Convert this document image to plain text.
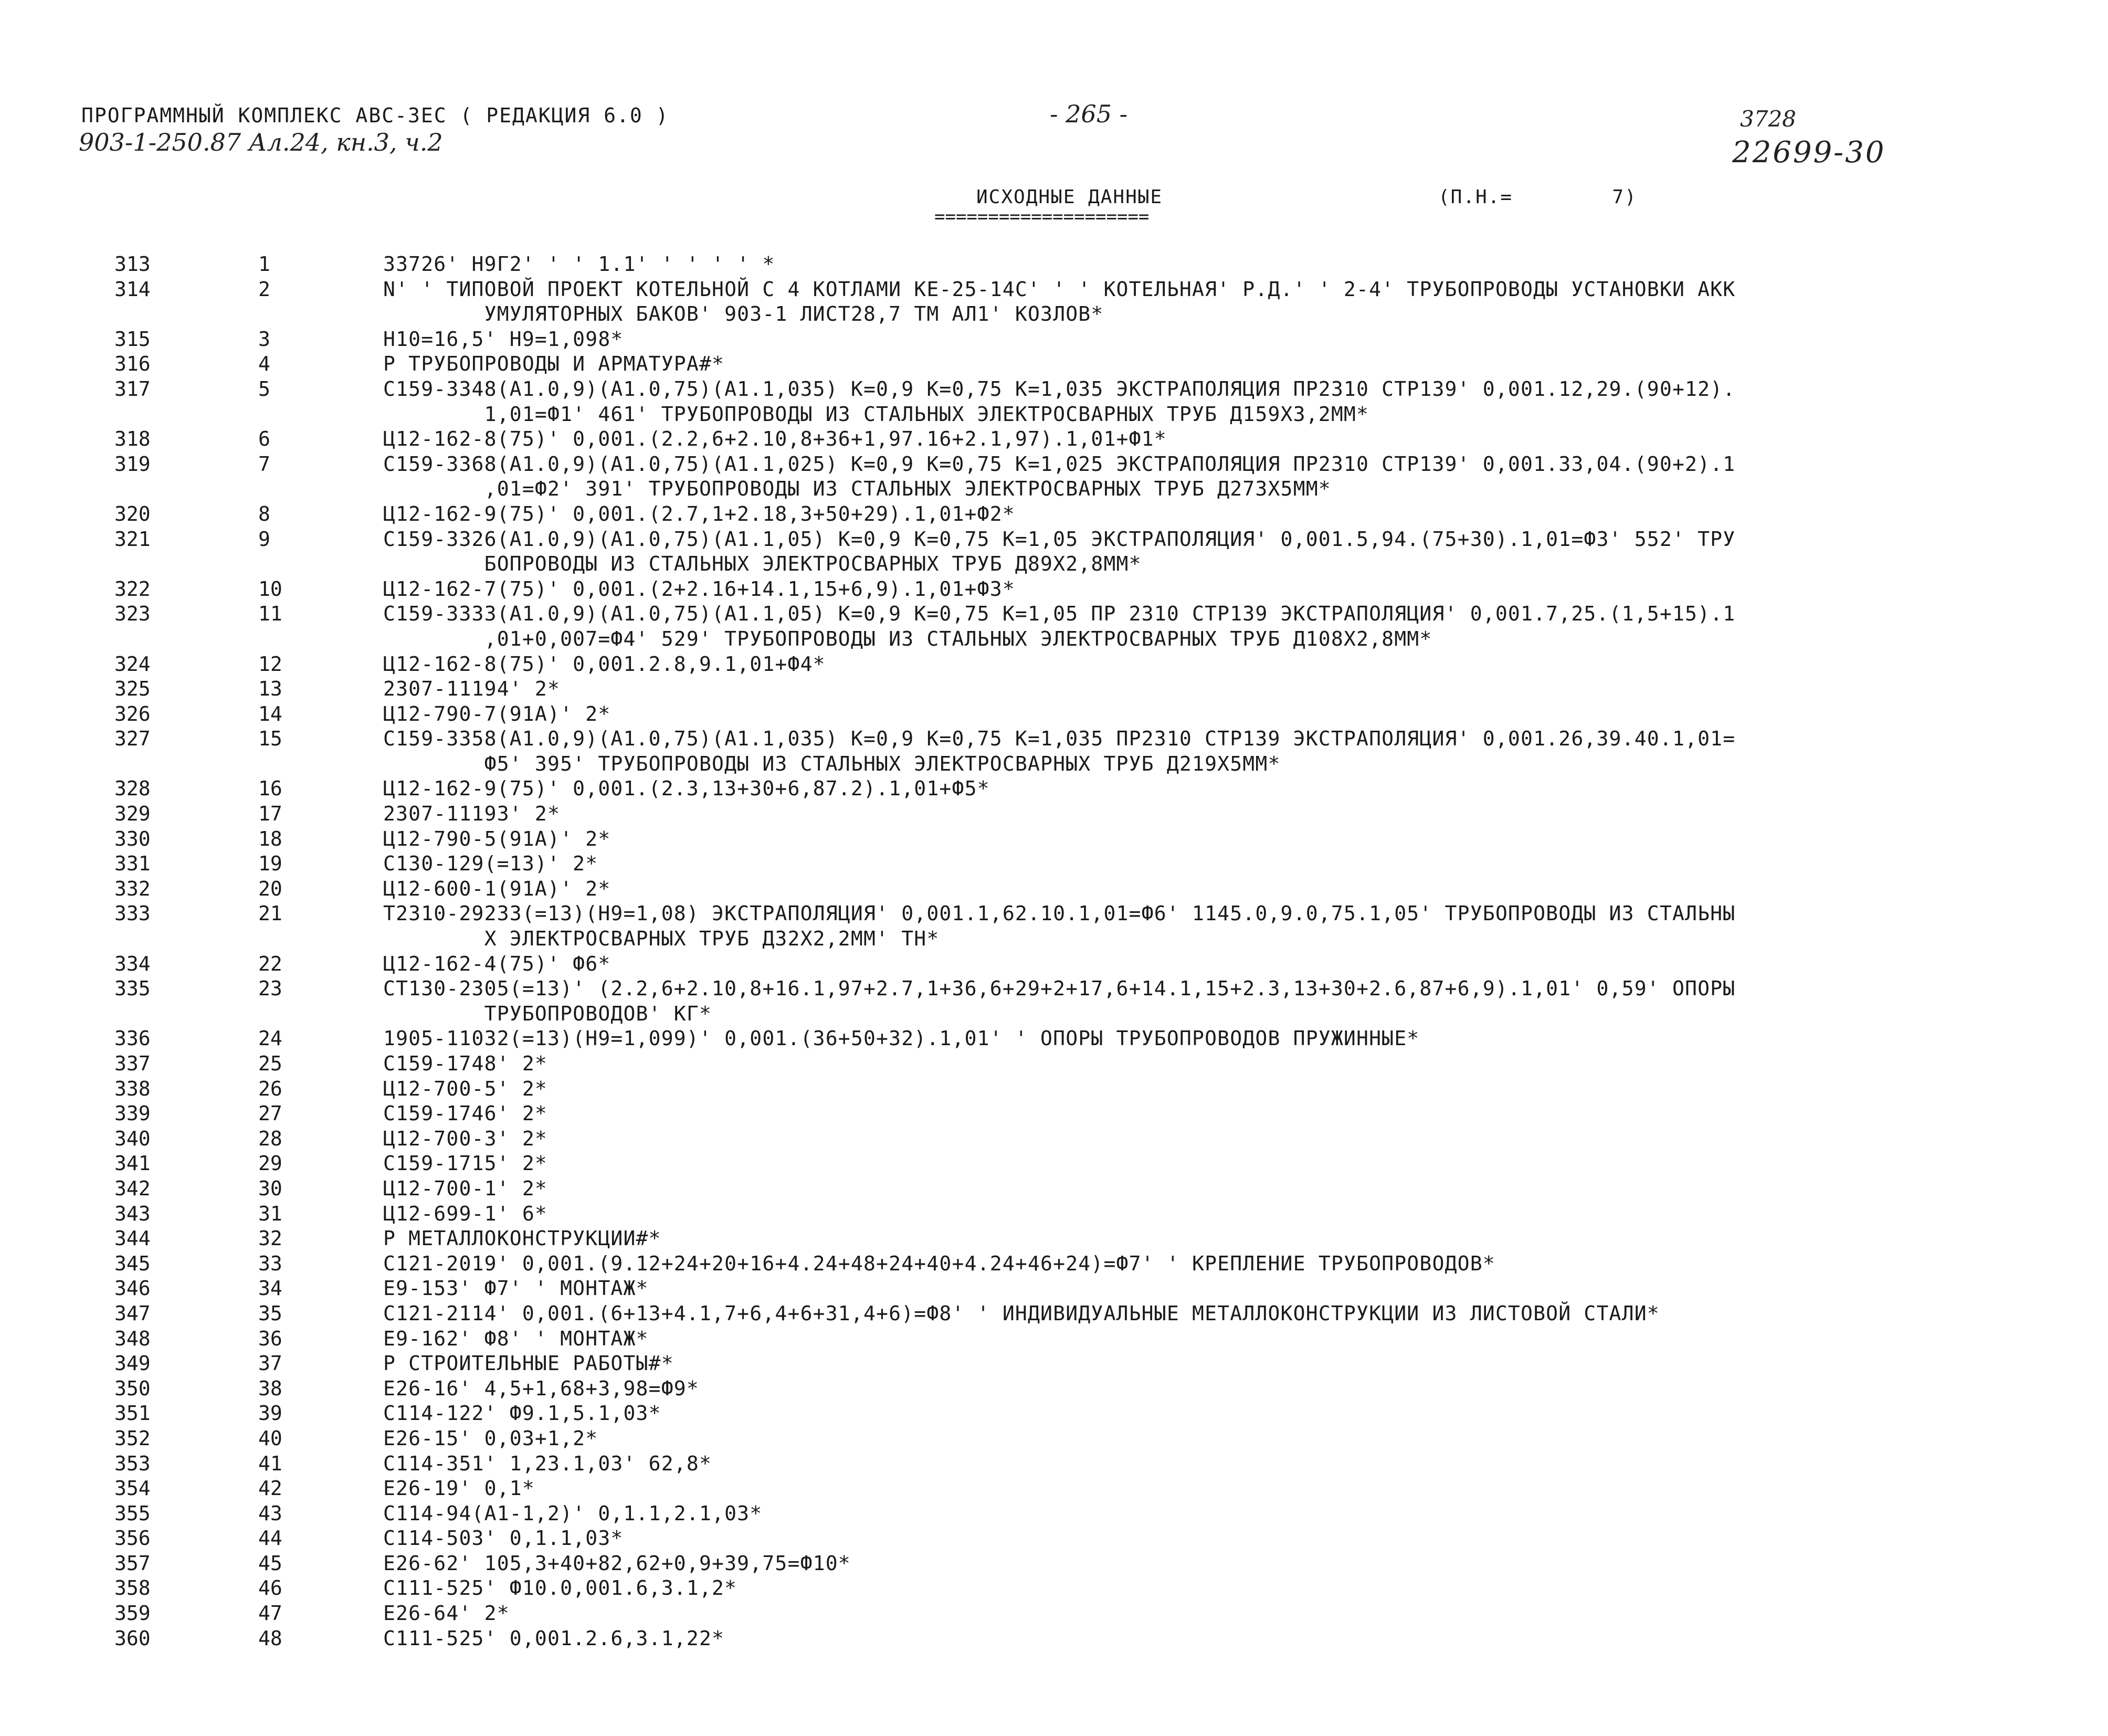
ПРОГРАММНЫЙ КОМПЛЕКС АВС-3ЕС ( РЕДАКЦИЯ 6.0 )
903-1-250.87 Ал.24, кн.3, ч.2
- 265 -	3728
22699-30
ИСХОДНЫЕ ДАННЫЕ
====================
(П.Н.=        7)
313	1	33726' Н9Г2' ' ' 1.1' ' ' ' ' *
314	2	N' ' ТИПОВОЙ ПРОЕКТ КОТЕЛЬНОЙ С 4 КОТЛАМИ КЕ-25-14С' ' ' КОТЕЛЬНАЯ' Р.Д.' ' 2-4' ТРУБОПРОВОДЫ УСТАНОВКИ АКК
УМУЛЯТОРНЫХ БАКОВ' 903-1 ЛИСТ28,7 ТМ АЛ1' КОЗЛОВ*
315	3	Н10=16,5' Н9=1,098*
316	4	Р ТРУБОПРОВОДЫ И АРМАТУРА#*
317	5	С159-3348(А1.0,9)(А1.0,75)(А1.1,035) К=0,9 К=0,75 К=1,035 ЭКСТРАПОЛЯЦИЯ ПР2310 СТР139' 0,001.12,29.(90+12).
1,01=Ф1' 461' ТРУБОПРОВОДЫ ИЗ СТАЛЬНЫХ ЭЛЕКТРОСВАРНЫХ ТРУБ Д159Х3,2ММ*
318	6	Ц12-162-8(75)' 0,001.(2.2,6+2.10,8+36+1,97.16+2.1,97).1,01+Ф1*
319	7	С159-3368(А1.0,9)(А1.0,75)(А1.1,025) К=0,9 К=0,75 К=1,025 ЭКСТРАПОЛЯЦИЯ ПР2310 СТР139' 0,001.33,04.(90+2).1
,01=Ф2' 391' ТРУБОПРОВОДЫ ИЗ СТАЛЬНЫХ ЭЛЕКТРОСВАРНЫХ ТРУБ Д273Х5ММ*
320	8	Ц12-162-9(75)' 0,001.(2.7,1+2.18,3+50+29).1,01+Ф2*
321	9	С159-3326(А1.0,9)(А1.0,75)(А1.1,05) К=0,9 К=0,75 К=1,05 ЭКСТРАПОЛЯЦИЯ' 0,001.5,94.(75+30).1,01=Ф3' 552' ТРУ
БОПРОВОДЫ ИЗ СТАЛЬНЫХ ЭЛЕКТРОСВАРНЫХ ТРУБ Д89Х2,8ММ*
322	10	Ц12-162-7(75)' 0,001.(2+2.16+14.1,15+6,9).1,01+Ф3*
323	11	С159-3333(А1.0,9)(А1.0,75)(А1.1,05) К=0,9 К=0,75 К=1,05 ПР 2310 СТР139 ЭКСТРАПОЛЯЦИЯ' 0,001.7,25.(1,5+15).1
,01+0,007=Ф4' 529' ТРУБОПРОВОДЫ ИЗ СТАЛЬНЫХ ЭЛЕКТРОСВАРНЫХ ТРУБ Д108Х2,8ММ*
324	12	Ц12-162-8(75)' 0,001.2.8,9.1,01+Ф4*
325	13	2307-11194' 2*
326	14	Ц12-790-7(91А)' 2*
327	15	С159-3358(А1.0,9)(А1.0,75)(А1.1,035) К=0,9 К=0,75 К=1,035 ПР2310 СТР139 ЭКСТРАПОЛЯЦИЯ' 0,001.26,39.40.1,01=
Ф5' 395' ТРУБОПРОВОДЫ ИЗ СТАЛЬНЫХ ЭЛЕКТРОСВАРНЫХ ТРУБ Д219Х5ММ*
328	16	Ц12-162-9(75)' 0,001.(2.3,13+30+6,87.2).1,01+Ф5*
329	17	2307-11193' 2*
330	18	Ц12-790-5(91А)' 2*
331	19	С130-129(=13)' 2*
332	20	Ц12-600-1(91А)' 2*
333	21	Т2310-29233(=13)(Н9=1,08) ЭКСТРАПОЛЯЦИЯ' 0,001.1,62.10.1,01=Ф6' 1145.0,9.0,75.1,05' ТРУБОПРОВОДЫ ИЗ СТАЛЬНЫ
Х ЭЛЕКТРОСВАРНЫХ ТРУБ Д32Х2,2ММ' ТН*
334	22	Ц12-162-4(75)' Ф6*
335	23	СТ130-2305(=13)' (2.2,6+2.10,8+16.1,97+2.7,1+36,6+29+2+17,6+14.1,15+2.3,13+30+2.6,87+6,9).1,01' 0,59' ОПОРЫ
ТРУБОПРОВОДОВ' КГ*
336	24	1905-11032(=13)(Н9=1,099)' 0,001.(36+50+32).1,01' ' ОПОРЫ ТРУБОПРОВОДОВ ПРУЖИННЫЕ*
337	25	С159-1748' 2*
338	26	Ц12-700-5' 2*
339	27	С159-1746' 2*
340	28	Ц12-700-3' 2*
341	29	С159-1715' 2*
342	30	Ц12-700-1' 2*
343	31	Ц12-699-1' 6*
344	32	Р МЕТАЛЛОКОНСТРУКЦИИ#*
345	33	С121-2019' 0,001.(9.12+24+20+16+4.24+48+24+40+4.24+46+24)=Ф7' ' КРЕПЛЕНИЕ ТРУБОПРОВОДОВ*
346	34	Е9-153' Ф7' ' МОНТАЖ*
347	35	С121-2114' 0,001.(6+13+4.1,7+6,4+6+31,4+6)=Ф8' ' ИНДИВИДУАЛЬНЫЕ МЕТАЛЛОКОНСТРУКЦИИ ИЗ ЛИСТОВОЙ СТАЛИ*
348	36	Е9-162' Ф8' ' МОНТАЖ*
349	37	Р СТРОИТЕЛЬНЫЕ РАБОТЫ#*
350	38	Е26-16' 4,5+1,68+3,98=Ф9*
351	39	С114-122' Ф9.1,5.1,03*
352	40	Е26-15' 0,03+1,2*
353	41	С114-351' 1,23.1,03' 62,8*
354	42	Е26-19' 0,1*
355	43	С114-94(А1-1,2)' 0,1.1,2.1,03*
356	44	С114-503' 0,1.1,03*
357	45	Е26-62' 105,3+40+82,62+0,9+39,75=Ф10*
358	46	С111-525' Ф10.0,001.6,3.1,2*
359	47	Е26-64' 2*
360	48	С111-525' 0,001.2.6,3.1,22*
